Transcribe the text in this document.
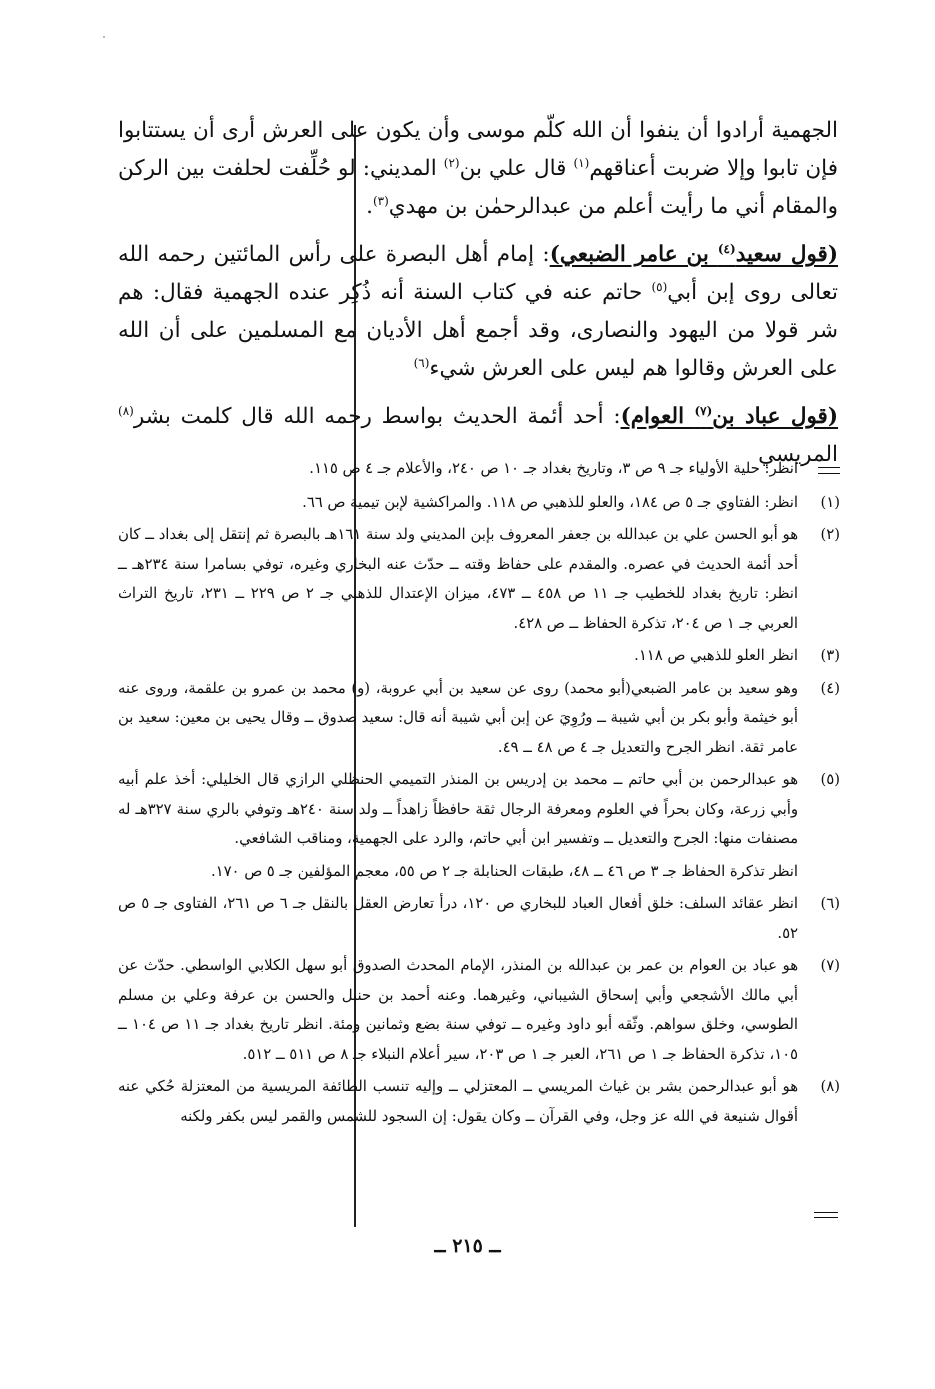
الجهمية أرادوا أن ينفوا أن الله كلّم موسى وأن يكون على العرش أرى أن يستتابوا فإن تابوا وإلا ضربت أعناقهم$^{(١)}$ قال علي بن$^{(٢)}$ المديني: لو حُلِّفت لحلفت بين الركن والمقام أني ما رأيت أعلم من عبدالرحمٰن بن مهدي$^{(٣)}$.

(قول سعيد$^{(٤)}$ بن عامر الضبعي): إمام أهل البصرة على رأس المائتين رحمه الله تعالى روى إبن أبي$^{(٥)}$ حاتم عنه في كتاب السنة أنه ذُكِر عنده الجهمية فقال: هم شر قولا من اليهود والنصارى، وقد أجمع أهل الأديان مع المسلمين على أن الله على العرش وقالوا هم ليس على العرش شيء$^{(٦)}$

(قول عباد بن$^{(٧)}$ العوام): أحد أئمة الحديث بواسط رحمه الله قال كلمت بشر$^{(٨)}$ المريسي

انظر: حلية الأولياء جـ ٩ ص ٣، وتاريخ بغداد جـ ١٠ ص ٢٤٠، والأعلام جـ ٤ ص ١١٥.
(١)
انظر: الفتاوي جـ ٥ ص ١٨٤، والعلو للذهبي ص ١١٨. والمراكشية لإبن تيمية ص ٦٦.
(٢)
هو أبو الحسن علي بن عبدالله بن جعفر المعروف بإبن المديني ولد سنة ١٦١هـ بالبصرة ثم إنتقل إلى بغداد ــ كان أحد أئمة الحديث في عصره. والمقدم على حفاظ وقته ــ حدّث عنه البخاري وغيره، توفي بسامرا سنة ٢٣٤هـ ــ انظر: تاريخ بغداد للخطيب جـ ١١ ص ٤٥٨ ــ ٤٧٣، ميزان الإعتدال للذهبي جـ ٢ ص ٢٢٩ ــ ٢٣١، تاريخ التراث العربي جـ ١ ص ٢٠٤، تذكرة الحفاظ ــ ص ٤٢٨.
(٣)
انظر العلو للذهبي ص ١١٨.
(٤)
وهو سعيد بن عامر الضبعي(أبو محمد) روى عن سعيد بن أبي عروبة، (و) محمد بن عمرو بن علقمة، وروى عنه أبو خيثمة وأبو بكر بن أبي شيبة ــ ورُوِيَ عن إبن أبي شيبة أنه قال: سعيد صدوق ــ وقال يحيى بن معين: سعيد بن عامر ثقة. انظر الجرح والتعديل جـ ٤ ص ٤٨ ــ ٤٩.
(٥)
هو عبدالرحمن بن أبي حاتم ــ محمد بن إدريس بن المنذر التميمي الحنظلي الرازي قال الخليلي: أخذ علم أبيه وأبي زرعة، وكان بحراً في العلوم ومعرفة الرجال ثقة حافظاً زاهداً ــ ولد سنة ٢٤٠هـ وتوفي بالري سنة ٣٢٧هـ له مصنفات منها: الجرح والتعديل ــ وتفسير ابن أبي حاتم، والرد على الجهمية، ومناقب الشافعي.
انظر تذكرة الحفاظ جـ ٣ ص ٤٦ ــ ٤٨، طبقات الحنابلة جـ ٢ ص ٥٥، معجم المؤلفين جـ ٥ ص ١٧٠.
(٦)
انظر عقائد السلف: خلق أفعال العباد للبخاري ص ١٢٠، درأ تعارض العقل بالنقل جـ ٦ ص ٢٦١، الفتاوى جـ ٥ ص ٥٢.
(٧)
هو عباد بن العوام بن عمر بن عبدالله بن المنذر، الإمام المحدث الصدوق أبو سهل الكلابي الواسطي. حدّث عن أبي مالك الأشجعي وأبي إسحاق الشيباني، وغيرهما. وعنه أحمد بن حنبل والحسن بن عرفة وعلي بن مسلم الطوسي، وخلق سواهم. وثّقه أبو داود وغيره ــ توفي سنة بضع وثمانين ومئة. انظر تاريخ بغداد جـ ١١ ص ١٠٤ ــ ١٠٥، تذكرة الحفاظ جـ ١ ص ٢٦١، العبر جـ ١ ص ٢٠٣، سير أعلام النبلاء جـ ٨ ص ٥١١ ــ ٥١٢.
(٨)
هو أبو عبدالرحمن بشر بن غياث المريسي ــ المعتزلي ــ وإليه تنسب الطائفة المريسية من المعتزلة حُكي عنه أقوال شنيعة في الله عز وجل، وفي القرآن ــ وكان يقول: إن السجود للشمس والقمر ليس بكفر ولكنه
ــ ٢١٥ ــ
